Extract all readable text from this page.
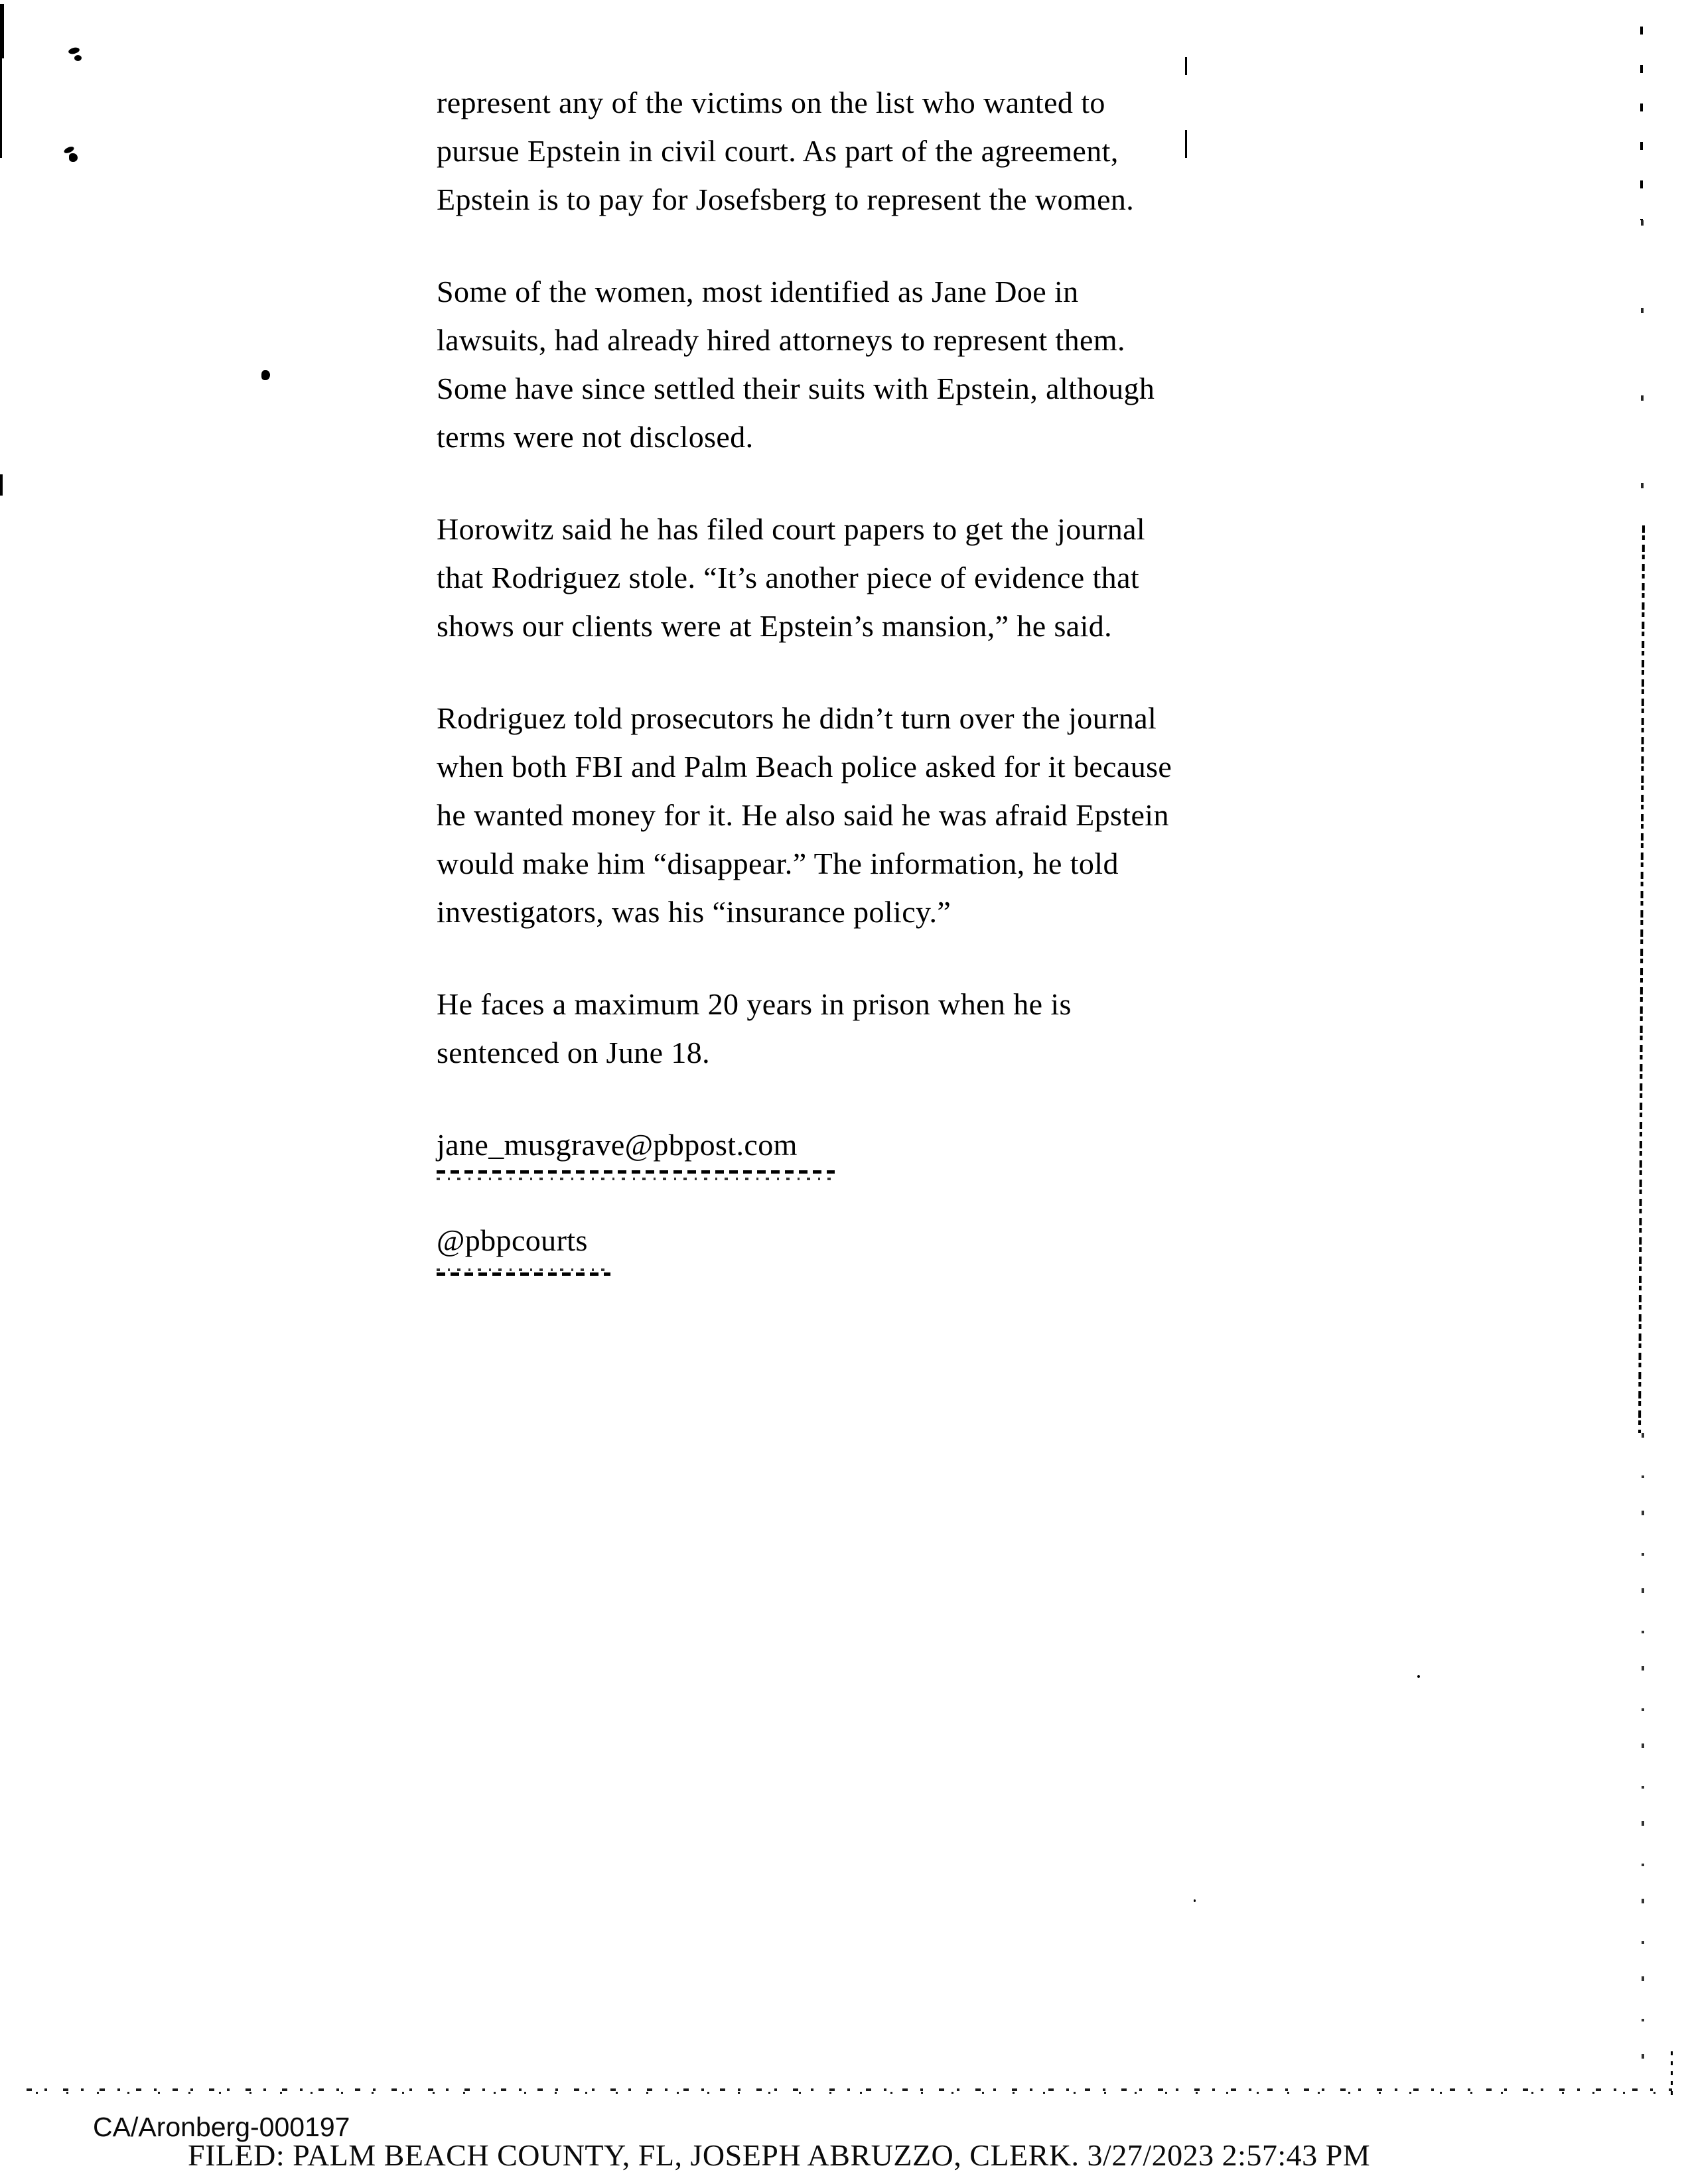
represent any of the victims on the list who wanted to
pursue Epstein in civil court. As part of the agreement,
Epstein is to pay for Josefsberg to represent the women.
Some of the women, most identified as Jane Doe in
lawsuits, had already hired attorneys to represent them.
Some have since settled their suits with Epstein, although
terms were not disclosed.
Horowitz said he has filed court papers to get the journal
that Rodriguez stole. “It’s another piece of evidence that
shows our clients were at Epstein’s mansion,” he said.
Rodriguez told prosecutors he didn’t turn over the journal
when both FBI and Palm Beach police asked for it because
he wanted money for it. He also said he was afraid Epstein
would make him “disappear.” The information, he told
investigators, was his “insurance policy.”
He faces a maximum 20 years in prison when he is
sentenced on June 18.
jane_musgrave@pbpost.com
@pbpcourts
CA/Aronberg-000197
FILED: PALM BEACH COUNTY, FL, JOSEPH ABRUZZO, CLERK. 3/27/2023 2:57:43 PM
